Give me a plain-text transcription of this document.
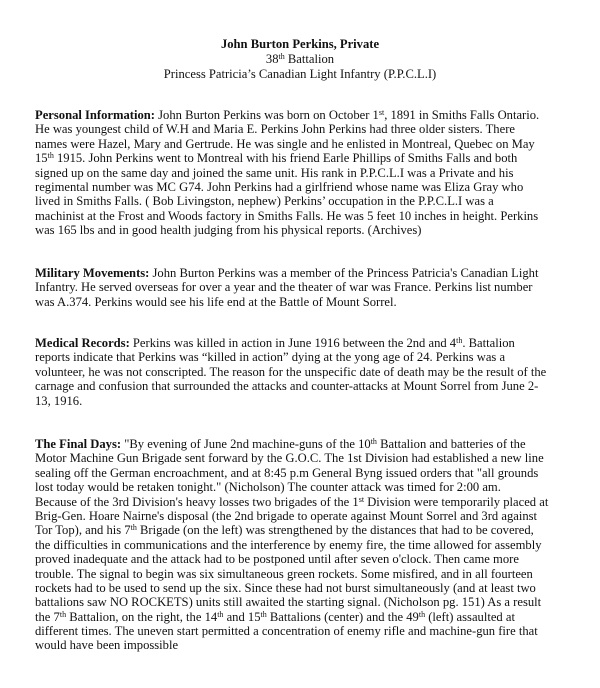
John Burton Perkins, Private
38th Battalion
Princess Patricia’s Canadian Light Infantry (P.P.C.L.I)
Personal Information: John Burton Perkins was born on October 1st, 1891 in Smiths Falls Ontario.
He was youngest child of W.H and Maria E. Perkins John Perkins had three older sisters. There
names were Hazel, Mary and Gertrude. He was single and he enlisted in Montreal, Quebec on May
15th 1915. John Perkins went to Montreal with his friend Earle Phillips of Smiths Falls and both
signed up on the same day and joined the same unit. His rank in P.P.C.L.I was a Private and his
regimental number was MC G74. John Perkins had a girlfriend whose name was Eliza Gray who
lived in Smiths Falls. ( Bob Livingston, nephew) Perkins’ occupation in the P.P.C.L.I was a
machinist at the Frost and Woods factory in Smiths Falls. He was 5 feet 10 inches in height. Perkins
was 165 lbs and in good health judging from his physical reports. (Archives)
Military Movements: John Burton Perkins was a member of the Princess Patricia's Canadian Light
Infantry. He served overseas for over a year and the theater of war was France. Perkins list number
was A.374. Perkins would see his life end at the Battle of Mount Sorrel.
Medical Records: Perkins was killed in action in June 1916 between the 2nd and 4th. Battalion
reports indicate that Perkins was “killed in action” dying at the yong age of 24. Perkins was a
volunteer, he was not conscripted. The reason for the unspecific date of death may be the result of the
carnage and confusion that surrounded the attacks and counter-attacks at Mount Sorrel from June 2-
13, 1916.
The Final Days: "By evening of June 2nd machine-guns of the 10th Battalion and batteries of the
Motor Machine Gun Brigade sent forward by the G.O.C. The 1st Division had established a new line
sealing off the German encroachment, and at 8:45 p.m General Byng issued orders that "all grounds
lost today would be retaken tonight." (Nicholson) The counter attack was timed for 2:00 am.
Because of the 3rd Division's heavy losses two brigades of the 1st Division were temporarily placed at
Brig-Gen. Hoare Nairne's disposal (the 2nd brigade to operate against Mount Sorrel and 3rd against
Tor Top), and his 7th Brigade (on the left) was strengthened by the distances that had to be covered,
the difficulties in communications and the interference by enemy fire, the time allowed for assembly
proved inadequate and the attack had to be postponed until after seven o'clock. Then came more
trouble. The signal to begin was six simultaneous green rockets. Some misfired, and in all fourteen
rockets had to be used to send up the six. Since these had not burst simultaneously (and at least two
battalions saw NO ROCKETS) units still awaited the starting signal. (Nicholson pg. 151) As a result
the 7th Battalion, on the right, the 14th and 15th Battalions (center) and the 49th (left) assaulted at
different times. The uneven start permitted a concentration of enemy rifle and machine-gun fire that
would have been impossible
